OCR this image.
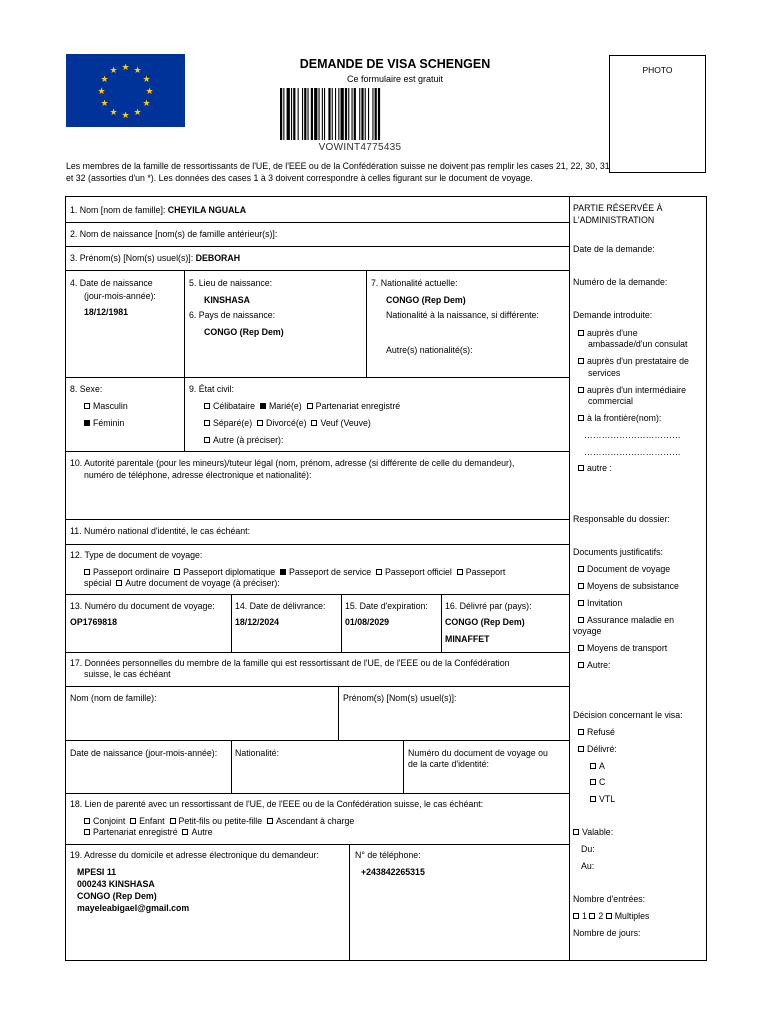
★ ★
★
★
★
★
★
★
★
★
★
★	DEMANDE DE VISA SCHENGEN
Ce formulaire est gratuit
VOWINT4775435
PHOTO
Les membres de la famille de ressortissants de l'UE, de l'EEE ou de la Confédération suisse ne doivent pas remplir les cases 21, 22, 30, 31 et 32 (assorties d'un *). Les données des cases 1 à 3 doivent correspondre à celles figurant sur le document de voyage.
1. Nom [nom de famille]: CHEYILA NGUALA
2. Nom de naissance [nom(s) de famille antérieur(s)]:
3. Prénom(s) [Nom(s) usuel(s)]: DEBORAH
4. Date de naissance
(jour-mois-année):
18/12/1981
5. Lieu de naissance:
KINSHASA
6. Pays de naissance:
CONGO (Rep Dem)
7. Nationalité actuelle:
CONGO (Rep Dem)
Nationalité à la naissance, si différente:
Autre(s) nationalité(s):
8. Sexe:
Masculin
Féminin
9. État civil:
Célibataire Marié(e) Partenariat enregistré
Séparé(e) Divorcé(e) Veuf (Veuve)
Autre (à préciser):
10. Autorité parentale (pour les mineurs)/tuteur légal (nom, prénom, adresse (si différente de celle du demandeur),
numéro de téléphone, adresse électronique et nationalité):
11. Numéro national d'identité, le cas échéant:
12. Type de document de voyage:
Passeport ordinaire Passeport diplomatique Passeport de service Passeport officiel Passeport
spécial Autre document de voyage (à préciser):
13. Numéro du document de voyage:
OP1769818
14. Date de délivrance:
18/12/2024
15. Date d'expiration:
01/08/2029
16. Délivré par (pays):
CONGO (Rep Dem)
MINAFFET
17. Données personnelles du membre de la famille qui est ressortissant de l'UE, de l'EEE ou de la Confédération
suisse, le cas échéant
Nom (nom de famille):	Prénom(s) [Nom(s) usuel(s)]:
Date de naissance (jour-mois-année): Nationalité:	Numéro du document de voyage ou
de la carte d'identité:
18. Lien de parenté avec un ressortissant de l'UE, de l'EEE ou de la Confédération suisse, le cas échéant:
Conjoint Enfant Petit-fils ou petite-fille Ascendant à charge
Partenariat enregistré Autre
19. Adresse du domicile et adresse électronique du demandeur:
MPESI 11
000243 KINSHASA
CONGO (Rep Dem)
mayeleabigael@gmail.com
N° de téléphone:
+243842265315
PARTIE RÉSERVÉE À
L'ADMINISTRATION
Date de la demande:
Numéro de la demande:
Demande introduite:
auprès d'une
ambassade/d'un consulat
auprès d'un prestataire de
services
auprès d'un intermédiaire
commercial
à la frontière(nom):
……………………………
……………………………
autre :
Responsable du dossier:
Documents justificatifs:
Document de voyage
Moyens de subsistance
Invitation
Assurance maladie en
voyage
Moyens de transport
Autre:
Décision concernant le visa:
Refusé
Délivré:
A
C
VTL
Valable:
Du:
Au:
Nombre d'entrées:
1 2 Multiples
Nombre de jours:
